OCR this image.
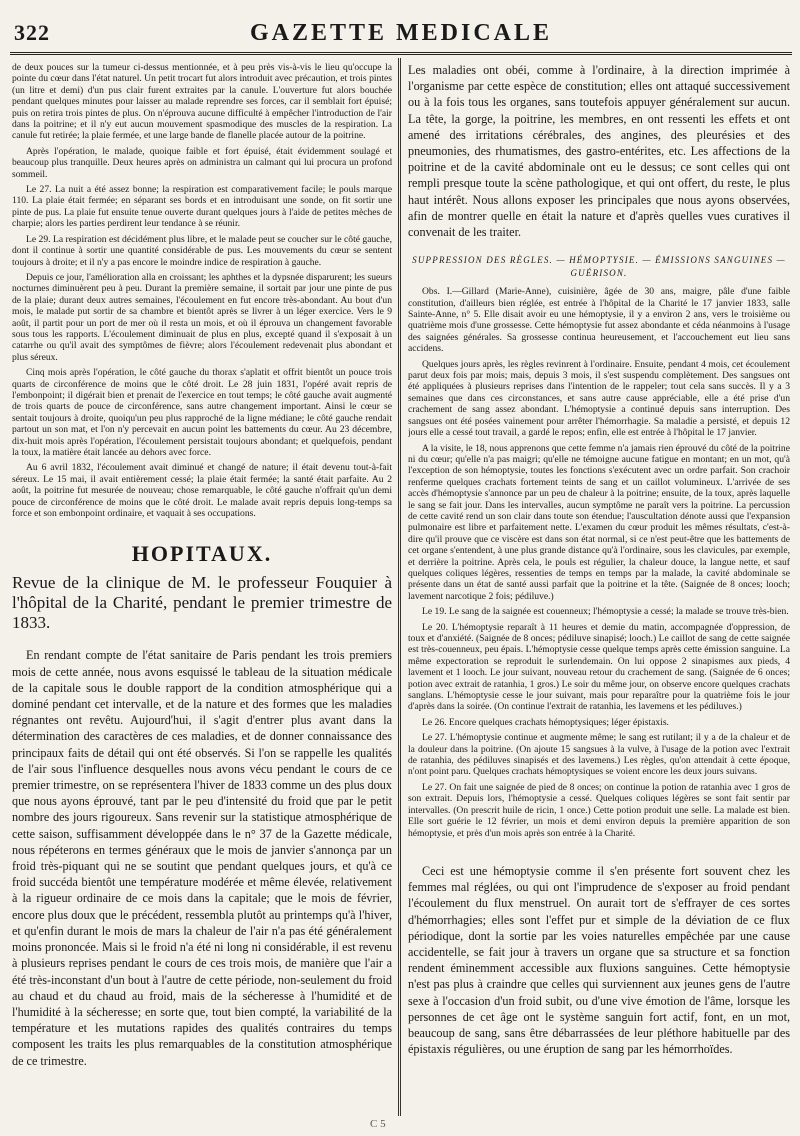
322	GAZETTE MEDICALE

de deux pouces sur la tumeur ci-dessus mentionnée, et à peu près vis-à-vis le lieu qu'occupe la pointe du cœur dans l'état naturel. Un petit trocart fut alors introduit avec précaution, et trois pintes (un litre et demi) d'un pus clair furent extraites par la canule. L'ouverture fut alors bouchée pendant quelques minutes pour laisser au malade reprendre ses forces, car il semblait fort épuisé; puis on retira trois pintes de plus. On n'éprouva aucune difficulté à empêcher l'introduction de l'air dans la poitrine; et il n'y eut aucun mouvement spasmodique des muscles de la respiration. La canule fut retirée; la plaie fermée, et une large bande de flanelle placée autour de la poitrine.

Après l'opération, le malade, quoique faible et fort épuisé, était évidemment soulagé et beaucoup plus tranquille. Deux heures après on administra un calmant qui lui procura un profond sommeil.

Le 27. La nuit a été assez bonne; la respiration est comparativement facile; le pouls marque 110. La plaie était fermée; en séparant ses bords et en introduisant une sonde, on fit sortir une pinte de pus. La plaie fut ensuite tenue ouverte durant quelques jours à l'aide de petites mèches de charpie; alors les parties perdirent leur tendance à se réunir.

Le 29. La respiration est décidément plus libre, et le malade peut se coucher sur le côté gauche, dont il continue à sortir une quantité considérable de pus. Les mouvements du cœur se sentent toujours à droite; et il n'y a pas encore le moindre indice de respiration à gauche.

Depuis ce jour, l'amélioration alla en croissant; les aphthes et la dypsnée disparurent; les sueurs nocturnes diminuèrent peu à peu. Durant la première semaine, il sortait par jour une pinte de pus de la plaie; durant deux autres semaines, l'écoulement en fut encore très-abondant. Au bout d'un mois, le malade put sortir de sa chambre et bientôt après se livrer à un léger exercice. Vers le 9 août, il partit pour un port de mer où il resta un mois, et où il éprouva un changement favorable sous tous les rapports. L'écoulement diminuait de plus en plus, excepté quand il s'exposait à un catarrhe ou qu'il avait des symptômes de fièvre; alors l'écoulement redevenait plus abondant et plus séreux.

Cinq mois après l'opération, le côté gauche du thorax s'aplatit et offrit bientôt un pouce trois quarts de circonférence de moins que le côté droit. Le 28 juin 1831, l'opéré avait repris de l'embonpoint; il digérait bien et prenait de l'exercice en tout temps; le côté gauche avait augmenté de trois quarts de pouce de circonférence, sans autre changement important. Ainsi le cœur se sentait toujours à droite, quoiqu'un peu plus rapproché de la ligne médiane; le côté gauche rendait partout un son mat, et l'on n'y percevait en aucun point les battements du cœur. Au 23 décembre, dix-huit mois après l'opération, l'écoulement persistait toujours abondant; et quelquefois, pendant la toux, la matière était lancée au dehors avec force.

Au 6 avril 1832, l'écoulement avait diminué et changé de nature; il était devenu tout-à-fait séreux. Le 15 mai, il avait entièrement cessé; la plaie était fermée; la santé était parfaite. Au 2 août, la poitrine fut mesurée de nouveau; chose remarquable, le côté gauche n'offrait qu'un demi pouce de circonférence de moins que le côté droit. Le malade avait repris depuis long-temps sa force et son embonpoint ordinaire, et vaquait à ses occupations.

HOPITAUX.

Revue de la clinique de M. le professeur Fouquier à l'hôpital de la Charité, pendant le premier trimestre de 1833.

En rendant compte de l'état sanitaire de Paris pendant les trois premiers mois de cette année, nous avons esquissé le tableau de la situation médicale de la capitale sous le double rapport de la condition atmosphérique qui a dominé pendant cet intervalle, et de la nature et des formes que les maladies régnantes ont revêtu. Aujourd'hui, il s'agit d'entrer plus avant dans la détermination des caractères de ces maladies, et de donner connaissance des principaux faits de détail qui ont été observés. Si l'on se rappelle les qualités de l'air sous l'influence desquelles nous avons vécu pendant le cours de ce premier trimestre, on se représentera l'hiver de 1833 comme un des plus doux que nous ayons éprouvé, tant par le peu d'intensité du froid que par le petit nombre des jours rigoureux. Sans revenir sur la statistique atmosphérique de cette saison, suffisamment développée dans le n° 37 de la Gazette médicale, nous répéterons en termes généraux que le mois de janvier s'annonça par un froid très-piquant qui ne se soutint que pendant quelques jours, et qu'à ce froid succéda bientôt une température modérée et même élevée, relativement à la rigueur ordinaire de ce mois dans la capitale; que le mois de février, encore plus doux que le précédent, ressembla plutôt au printemps qu'à l'hiver, et qu'enfin durant le mois de mars la chaleur de l'air n'a pas été généralement moins prononcée. Mais si le froid n'a été ni long ni considérable, il est revenu à plusieurs reprises pendant le cours de ces trois mois, de manière que l'air a été très-inconstant d'un bout à l'autre de cette période, non-seulement du froid au chaud et du chaud au froid, mais de la sécheresse à l'humidité et de l'humidité à la sécheresse; en sorte que, tout bien compté, la variabilité de la température et les mutations rapides des qualités contraires du temps composent les traits les plus remarquables de la constitution atmosphérique de ce trimestre.

Les maladies ont obéi, comme à l'ordinaire, à la direction imprimée à l'organisme par cette espèce de constitution; elles ont attaqué successivement ou à la fois tous les organes, sans toutefois appuyer généralement sur aucun. La tête, la gorge, la poitrine, les membres, en ont ressenti les effets et ont amené des irritations cérébrales, des angines, des pleurésies et des pneumonies, des rhumatismes, des gastro-entérites, etc. Les affections de la poitrine et de la cavité abdominale ont eu le dessus; ce sont celles qui ont rempli presque toute la scène pathologique, et qui ont offert, du reste, le plus haut intérêt. Nous allons exposer les principales que nous ayons observées, afin de montrer quelle en était la nature et d'après quelles vues curatives il convenait de les traiter.

SUPPRESSION DES RÈGLES. — HÉMOPTYSIE. — ÉMISSIONS SANGUINES — GUÉRISON.

Obs. I.—Gillard (Marie-Anne), cuisinière, âgée de 30 ans, maigre, pâle d'une faible constitution, d'ailleurs bien réglée, est entrée à l'hôpital de la Charité le 17 janvier 1833, salle Sainte-Anne, n° 5. Elle disait avoir eu une hémoptysie, il y a environ 2 ans, vers le troisième ou quatrième mois d'une grossesse. Cette hémoptysie fut assez abondante et céda néanmoins à l'usage des saignées générales. Sa grossesse continua heureusement, et l'accouchement eut lieu sans accidens.

Quelques jours après, les règles revinrent à l'ordinaire. Ensuite, pendant 4 mois, cet écoulement parut deux fois par mois; mais, depuis 3 mois, il s'est suspendu complètement. Des sangsues ont été appliquées à plusieurs reprises dans l'intention de le rappeler; tout cela sans succès. Il y a 3 semaines que dans ces circonstances, et sans autre cause appréciable, elle a été prise d'un crachement de sang assez abondant. L'hémoptysie a continué depuis sans interruption. Des sangsues ont été posées vainement pour arrêter l'hémorrhagie. Sa maladie a persisté, et depuis 12 jours elle a cessé tout travail, a gardé le repos; enfin, elle est entrée à l'hôpital le 17 janvier.

A la visite, le 18, nous apprenons que cette femme n'a jamais rien éprouvé du côté de la poitrine ni du cœur; qu'elle n'a pas maigri; qu'elle ne témoigne aucune fatigue en montant; en un mot, qu'à l'exception de son hémoptysie, toutes les fonctions s'exécutent avec un ordre parfait. Son crachoir renferme quelques crachats fortement teints de sang et un caillot volumineux. L'arrivée de ses accès d'hémoptysie s'annonce par un peu de chaleur à la poitrine; ensuite, de la toux, après laquelle le sang se fait jour. Dans les intervalles, aucun symptôme ne paraît vers la poitrine. La percussion de cette cavité rend un son clair dans toute son étendue; l'auscultation dénote aussi que l'expansion pulmonaire est libre et parfaitement nette. L'examen du cœur produit les mêmes résultats, c'est-à-dire qu'il prouve que ce viscère est dans son état normal, si ce n'est peut-être que les battements de cet organe s'entendent, à une plus grande distance qu'à l'ordinaire, sous les clavicules, par exemple, et derrière la poitrine. Après cela, le pouls est régulier, la chaleur douce, la langue nette, et sauf quelques coliques légères, ressenties de temps en temps par la malade, la cavité abdominale se présente dans un état de santé aussi parfait que la poitrine et la tête. (Saignée de 8 onces; looch; lavement narcotique 2 fois; pédiluve.)

Le 19. Le sang de la saignée est couenneux; l'hémoptysie a cessé; la malade se trouve très-bien.

Le 20. L'hémoptysie reparaît à 11 heures et demie du matin, accompagnée d'oppression, de toux et d'anxiété. (Saignée de 8 onces; pédiluve sinapisé; looch.) Le caillot de sang de cette saignée est très-couenneux, peu épais. L'hémoptysie cesse quelque temps après cette émission sanguine. La même expectoration se reproduit le surlendemain. On lui oppose 2 sinapismes aux pieds, 4 lavement et 1 looch. Le jour suivant, nouveau retour du crachement de sang. (Saignée de 6 onces; potion avec extrait de ratanhia, 1 gros.) Le soir du même jour, on observe encore quelques crachats sanglans. L'hémoptysie cesse le jour suivant, mais pour reparaître pour la quatrième fois le jour d'après dans la soirée. (On continue l'extrait de ratanhia, les lavemens et les pédiluves.)

Le 26. Encore quelques crachats hémoptysiques; léger épistaxis.

Le 27. L'hémoptysie continue et augmente même; le sang est rutilant; il y a de la chaleur et de la douleur dans la poitrine. (On ajoute 15 sangsues à la vulve, à l'usage de la potion avec l'extrait de ratanhia, des pédiluves sinapisés et des lavemens.) Les règles, qu'on attendait à cette époque, n'ont point paru. Quelques crachats hémoptysiques se voient encore les deux jours suivans.

Le 27. On fait une saignée de pied de 8 onces; on continue la potion de ratanhia avec 1 gros de son extrait. Depuis lors, l'hémoptysie a cessé. Quelques coliques légères se sont fait sentir par intervalles. (On prescrit huile de ricin, 1 once.) Cette potion produit une selle. La malade est bien. Elle sort guérie le 12 février, un mois et demi environ depuis la première apparition de son hémoptysie, et près d'un mois après son entrée à la Charité.

Ceci est une hémoptysie comme il s'en présente fort souvent chez les femmes mal réglées, ou qui ont l'imprudence de s'exposer au froid pendant l'écoulement du flux menstruel. On aurait tort de s'effrayer de ces sortes d'hémorrhagies; elles sont l'effet pur et simple de la déviation de ce flux périodique, dont la sortie par les voies naturelles empêchée par une cause accidentelle, se fait jour à travers un organe que sa structure et sa fonction rendent éminemment accessible aux fluxions sanguines. Cette hémoptysie n'est pas plus à craindre que celles qui surviennent aux jeunes gens de l'autre sexe à l'occasion d'un froid subit, ou d'une vive émotion de l'âme, lorsque les personnes de cet âge ont le système sanguin fort actif, font, en un mot, beaucoup de sang, sans être débarrassées de leur pléthore habituelle par des épistaxis régulières, ou une éruption de sang par les hémorrhoïdes.

C 5
